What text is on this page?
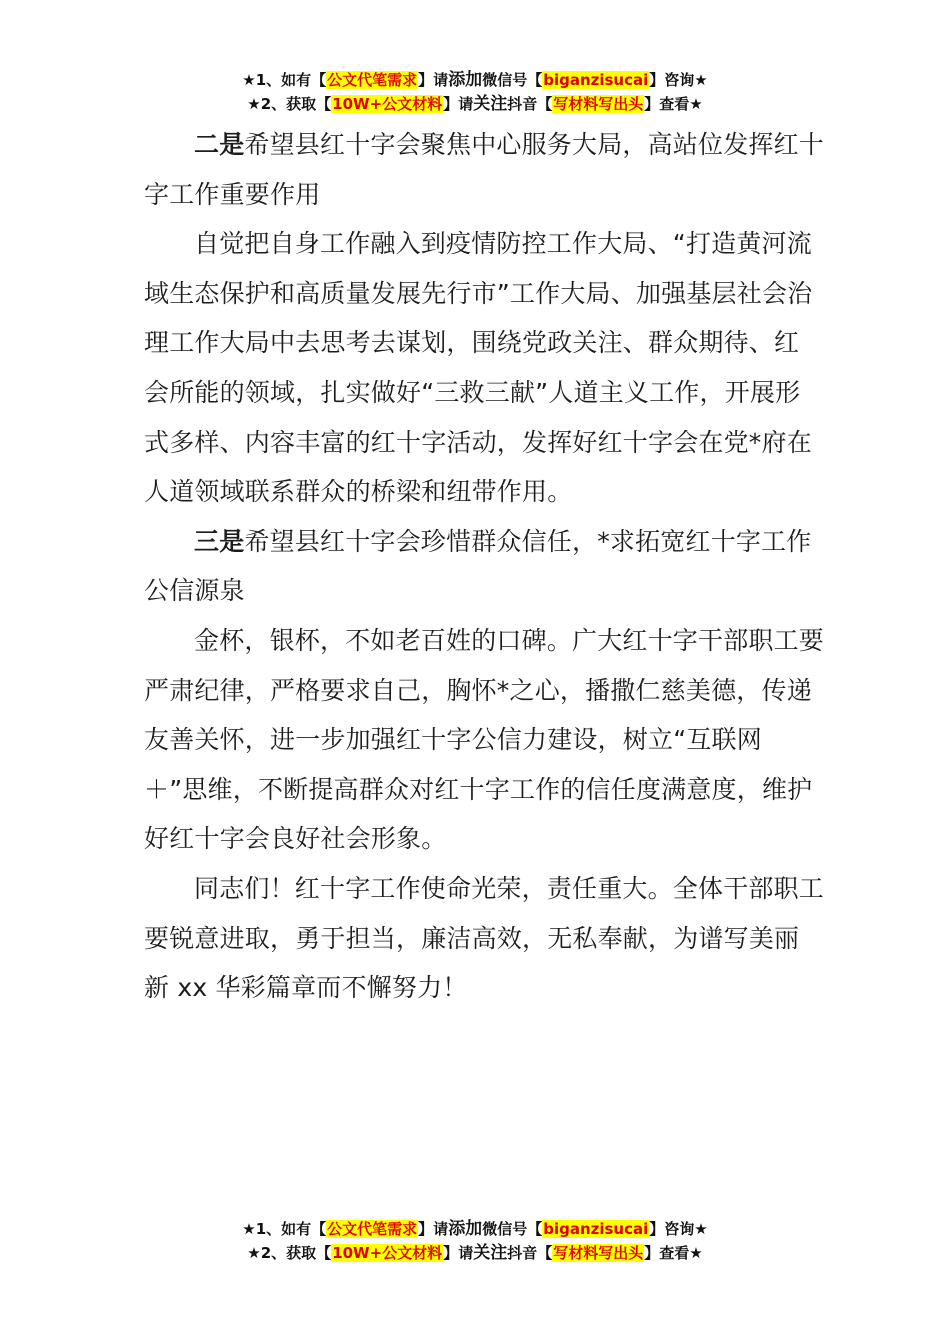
★1、如有【公文代笔需求】请添加微信号【biganzisucai】咨询★
★2、获取【10W+公文材料】请关注抖音【写材料写出头】查看★

二是希望县红十字会聚焦中心服务大局，高站位发挥红十字工作重要作用

自觉把自身工作融入到疫情防控工作大局、“打造黄河流域生态保护和高质量发展先行市”工作大局、加强基层社会治理工作大局中去思考去谋划，围绕党政关注、群众期待、红会所能的领域，扎实做好“三救三献”人道主义工作，开展形式多样、内容丰富的红十字活动，发挥好红十字会在党*府在人道领域联系群众的桥梁和纽带作用。

三是希望县红十字会珍惜群众信任，*求拓宽红十字工作公信源泉

金杯，银杯，不如老百姓的口碑。广大红十字干部职工要严肃纪律，严格要求自己，胸怀*之心，播撒仁慈美德，传递友善关怀，进一步加强红十字公信力建设，树立“互联网＋”思维，不断提高群众对红十字工作的信任度满意度，维护好红十字会良好社会形象。

同志们！红十字工作使命光荣，责任重大。全体干部职工要锐意进取，勇于担当，廉洁高效，无私奉献，为谱写美丽新 xx 华彩篇章而不懈努力！

★1、如有【公文代笔需求】请添加微信号【biganzisucai】咨询★
★2、获取【10W+公文材料】请关注抖音【写材料写出头】查看★
